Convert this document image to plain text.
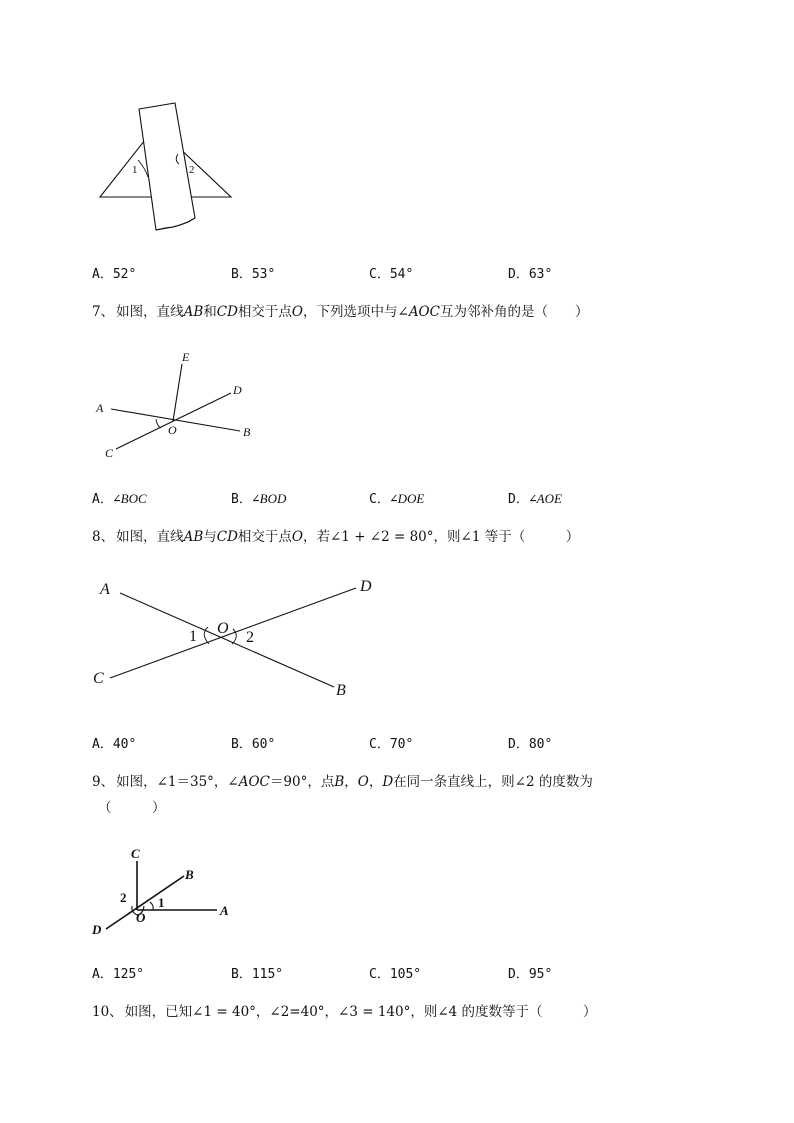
1	2
A．52°	B．53°	C．54°	D．63°
7、 如图，直线AB和CD相交于点O，下列选项中与∠AOC互为邻补角的是（　　）
E
D
A
O	B
C
A．∠BOC	B．∠BOD	C．∠DOE	D．∠AOE
8、 如图，直线AB与CD相交于点O，若∠1 + ∠2 = 80°，则∠1 等于（　　　）
A	D
O
1	2
C
B
A．40°	B．60°	C．70°	D．80°
9、 如图，∠1＝35°，∠AOC＝90°，点B，O，D在同一条直线上，则∠2 的度数为
（　　　）
C
B
2 1
O	A
D
A．125°	B．115°	C．105°	D．95°
10、 如图，已知∠1 = 40°，∠2=40°，∠3 = 140°，则∠4 的度数等于（　　　）
